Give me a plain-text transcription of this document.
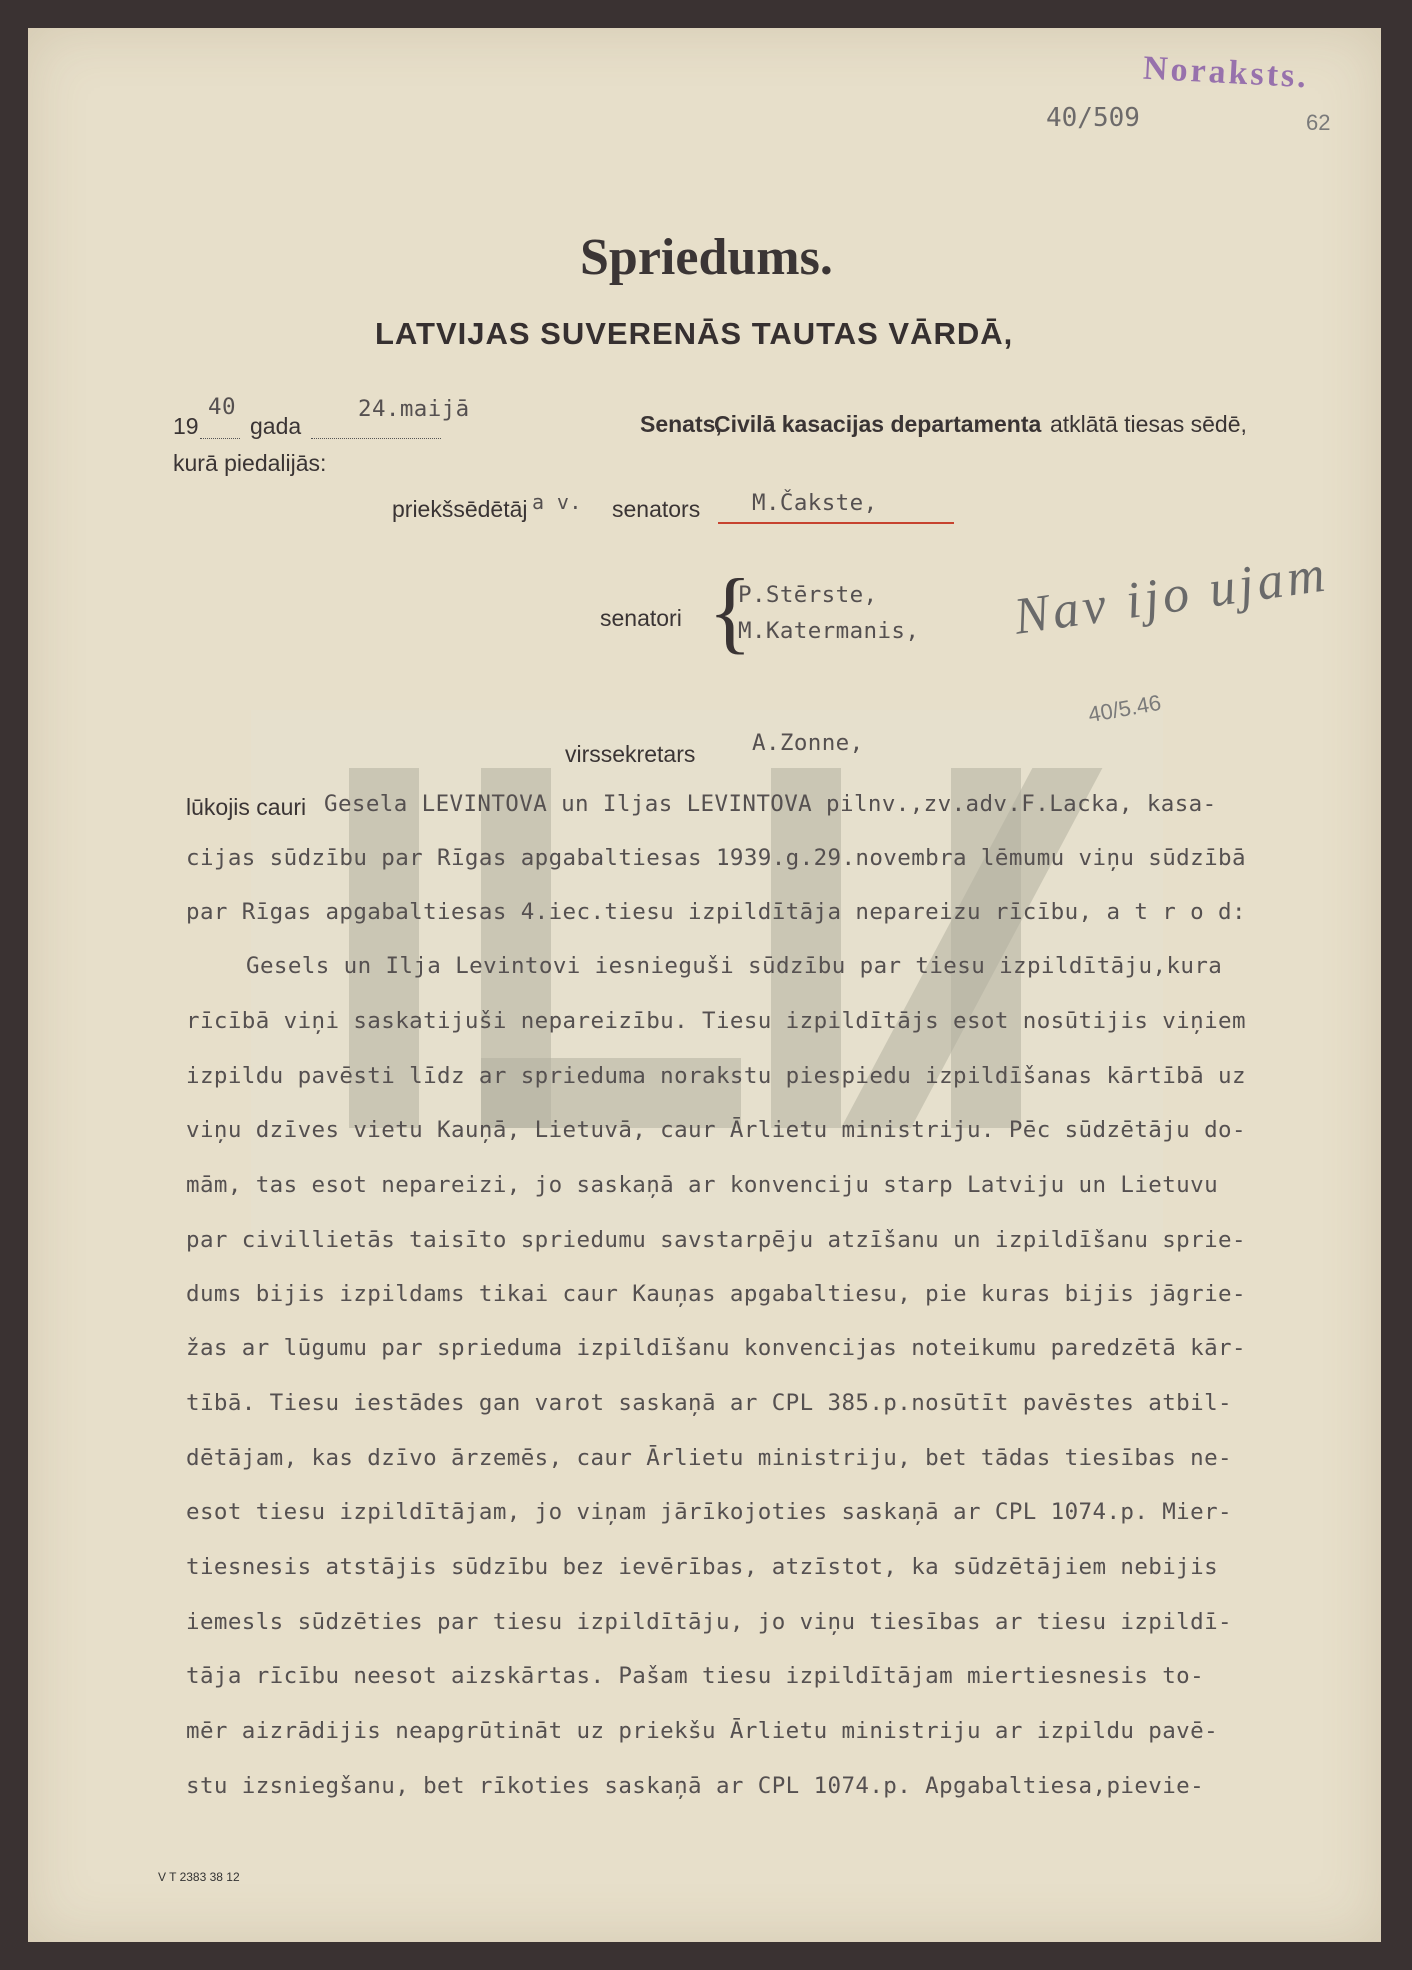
Noraksts.
40/509	62
Spriedums.
LATVIJAS SUVERENĀS TAUTAS VĀRDĀ,
19
40
gada
24.maijā
Senats,
Civilā kasacijas departamenta atklātā tiesas sēdē,
kurā piedalijās:
priekšsēdētāj a v. senators M.Čakste,
senatori {
P.Stērste,
M.Katermanis, Nav ijo ujam
40/5.46
virssekretars	A.Zonne,
lūkojis cauri Gesela LEVINTOVA un Iljas LEVINTOVA pilnv.,zv.adv.F.Lacka, kasa-
cijas sūdzību par Rīgas apgabaltiesas 1939.g.29.novembra lēmumu viņu sūdzībā
par Rīgas apgabaltiesas 4.iec.tiesu izpildītāja nepareizu rīcību, a t r o d:
Gesels un Ilja Levintovi iesnieguši sūdzību par tiesu izpildītāju,kura
rīcībā viņi saskatijuši nepareizību. Tiesu izpildītājs esot nosūtijis viņiem
izpildu pavēsti līdz ar sprieduma norakstu piespiedu izpildīšanas kārtībā uz
viņu dzīves vietu Kauņā, Lietuvā, caur Ārlietu ministriju. Pēc sūdzētāju do-
mām, tas esot nepareizi, jo saskaņā ar konvenciju starp Latviju un Lietuvu
par civillietās taisīto spriedumu savstarpēju atzīšanu un izpildīšanu sprie-
dums bijis izpildams tikai caur Kauņas apgabaltiesu, pie kuras bijis jāgrie-
žas ar lūgumu par sprieduma izpildīšanu konvencijas noteikumu paredzētā kār-
tībā. Tiesu iestādes gan varot saskaņā ar CPL 385.p.nosūtīt pavēstes atbil-
dētājam, kas dzīvo ārzemēs, caur Ārlietu ministriju, bet tādas tiesības ne-
esot tiesu izpildītājam, jo viņam jārīkojoties saskaņā ar CPL 1074.p. Mier-
tiesnesis atstājis sūdzību bez ievērības, atzīstot, ka sūdzētājiem nebijis
iemesls sūdzēties par tiesu izpildītāju, jo viņu tiesības ar tiesu izpildī-
tāja rīcību neesot aizskārtas. Pašam tiesu izpildītājam miertiesnesis to-
mēr aizrādijis neapgrūtināt uz priekšu Ārlietu ministriju ar izpildu pavē-
stu izsniegšanu, bet rīkoties saskaņā ar CPL 1074.p. Apgabaltiesa,pievie-
V T 2383 38 12
